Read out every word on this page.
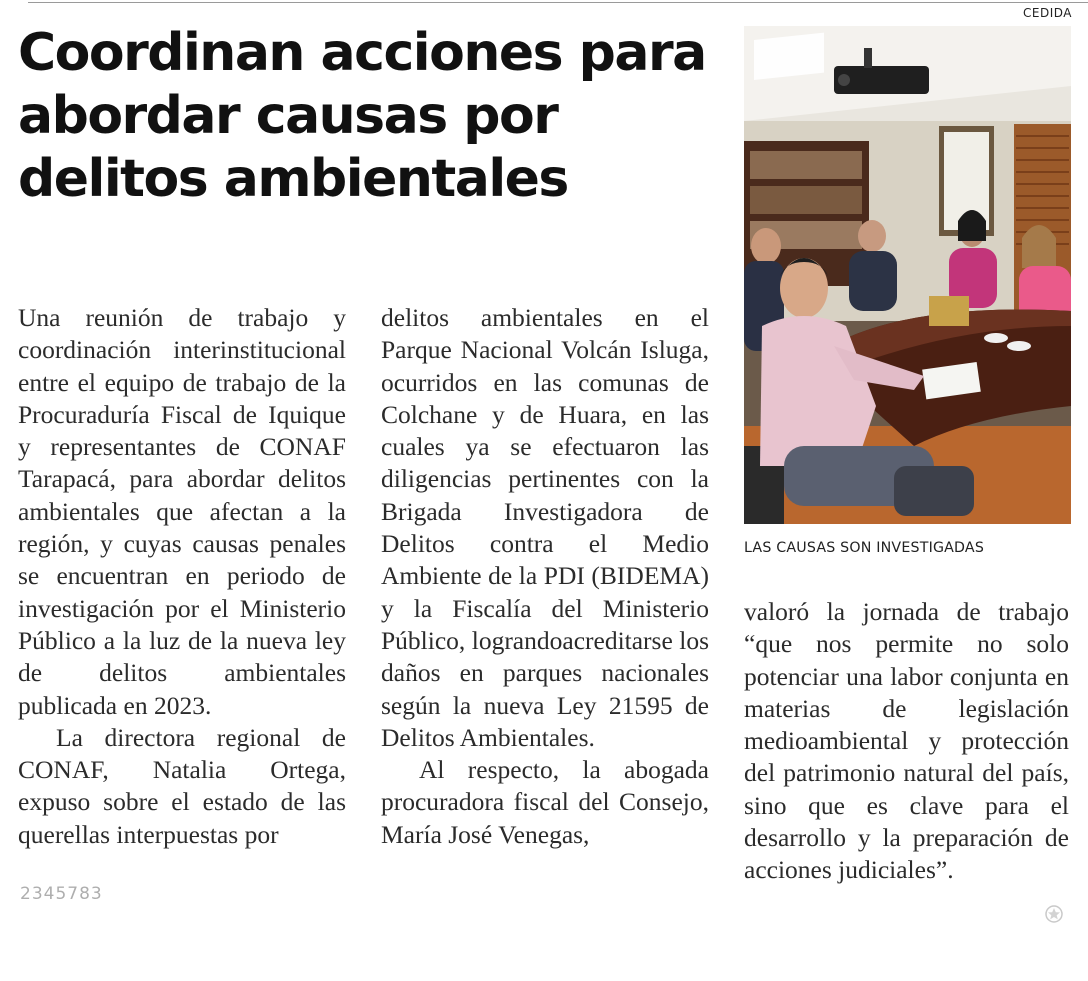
CEDIDA
Coordinan acciones para abordar causas por delitos ambientales

Una reunión de trabajo y coordinación interinstitucional entre el equipo de trabajo de la Procuraduría Fiscal de Iquique y representantes de CONAF Tarapacá, para abordar delitos ambientales que afectan a la región, y cuyas causas penales se encuentran en periodo de investigación por el Ministerio Público a la luz de la nueva ley de delitos ambientales publicada en 2023.

La directora regional de CONAF, Natalia Ortega, expuso sobre el estado de las querellas interpuestas por

delitos ambientales en el Parque Nacional Volcán Isluga, ocurridos en las comunas de Colchane y de Huara, en las cuales ya se efectuaron las diligencias pertinentes con la Brigada Investigadora de Delitos contra el Medio Ambiente de la PDI (BIDEMA) y la Fiscalía del Ministerio Público, lograndoacreditarse los daños en parques nacionales según la nueva Ley 21595 de Delitos Ambientales.

Al respecto, la abogada procuradora fiscal del Consejo, María José Venegas,

LAS CAUSAS SON INVESTIGADAS

valoró la jornada de trabajo “que nos permite no solo potenciar una labor conjunta en materias de legislación medioambiental y protección del patrimonio natural del país, sino que es clave para el desarrollo y la preparación de acciones judiciales”.

2345783
